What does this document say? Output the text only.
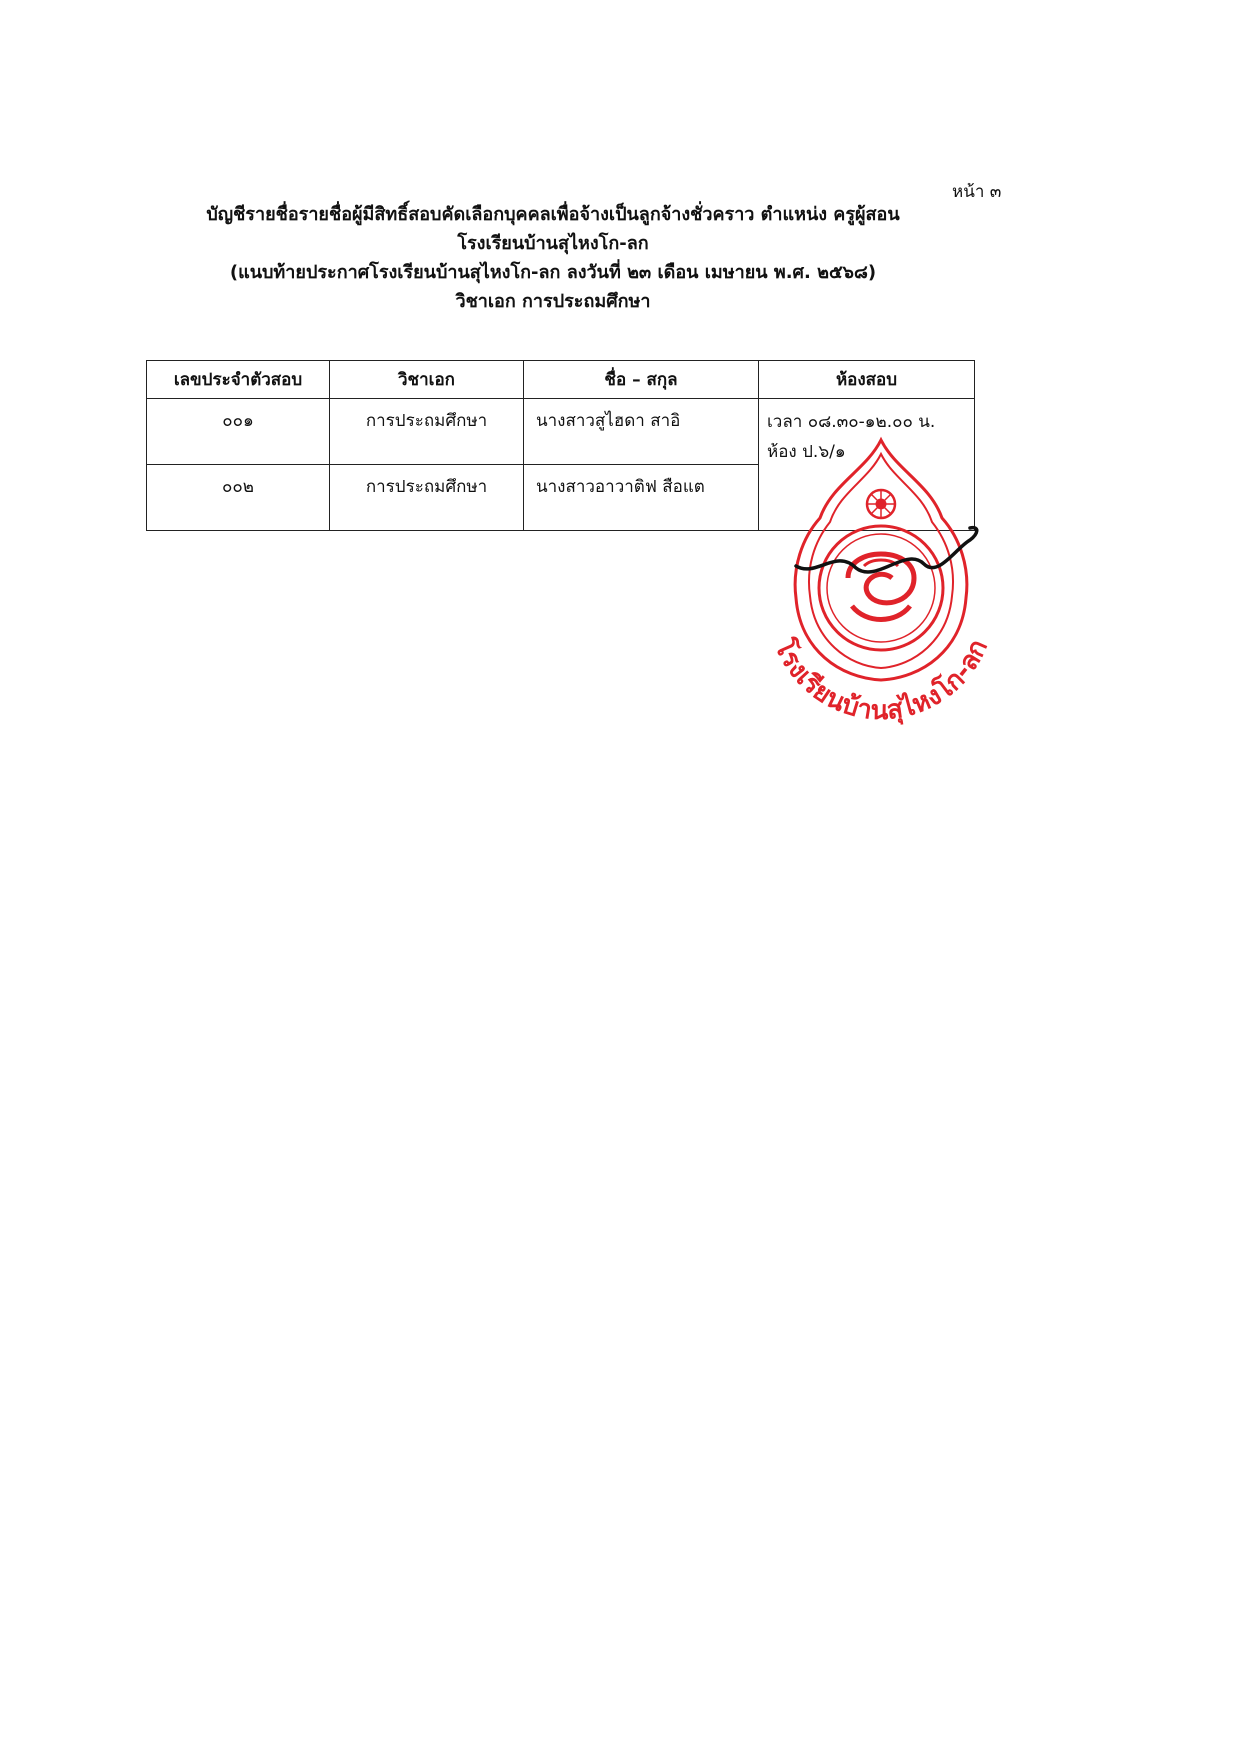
หน้า ๓
บัญชีรายชื่อรายชื่อผู้มีสิทธิ์สอบคัดเลือกบุคคลเพื่อจ้างเป็นลูกจ้างชั่วคราว ตำแหน่ง ครูผู้สอน
โรงเรียนบ้านสุไหงโก-ลก
(แนบท้ายประกาศโรงเรียนบ้านสุไหงโก-ลก ลงวันที่ ๒๓ เดือน เมษายน พ.ศ. ๒๕๖๘)
วิชาเอก การประถมศึกษา
เลขประจำตัวสอบ	วิชาเอก	ชื่อ – สกุล	ห้องสอบ
๐๐๑	การประถมศึกษา	นางสาวสูไฮดา สาอิ	เวลา ๐๘.๓๐-๑๒.๐๐ น.
ห้อง ป.๖/๑

๐๐๒	การประถมศึกษา	นางสาวอาวาติฟ สือแต	
โรงเรียนบ้านสุไหงโก-ลก
